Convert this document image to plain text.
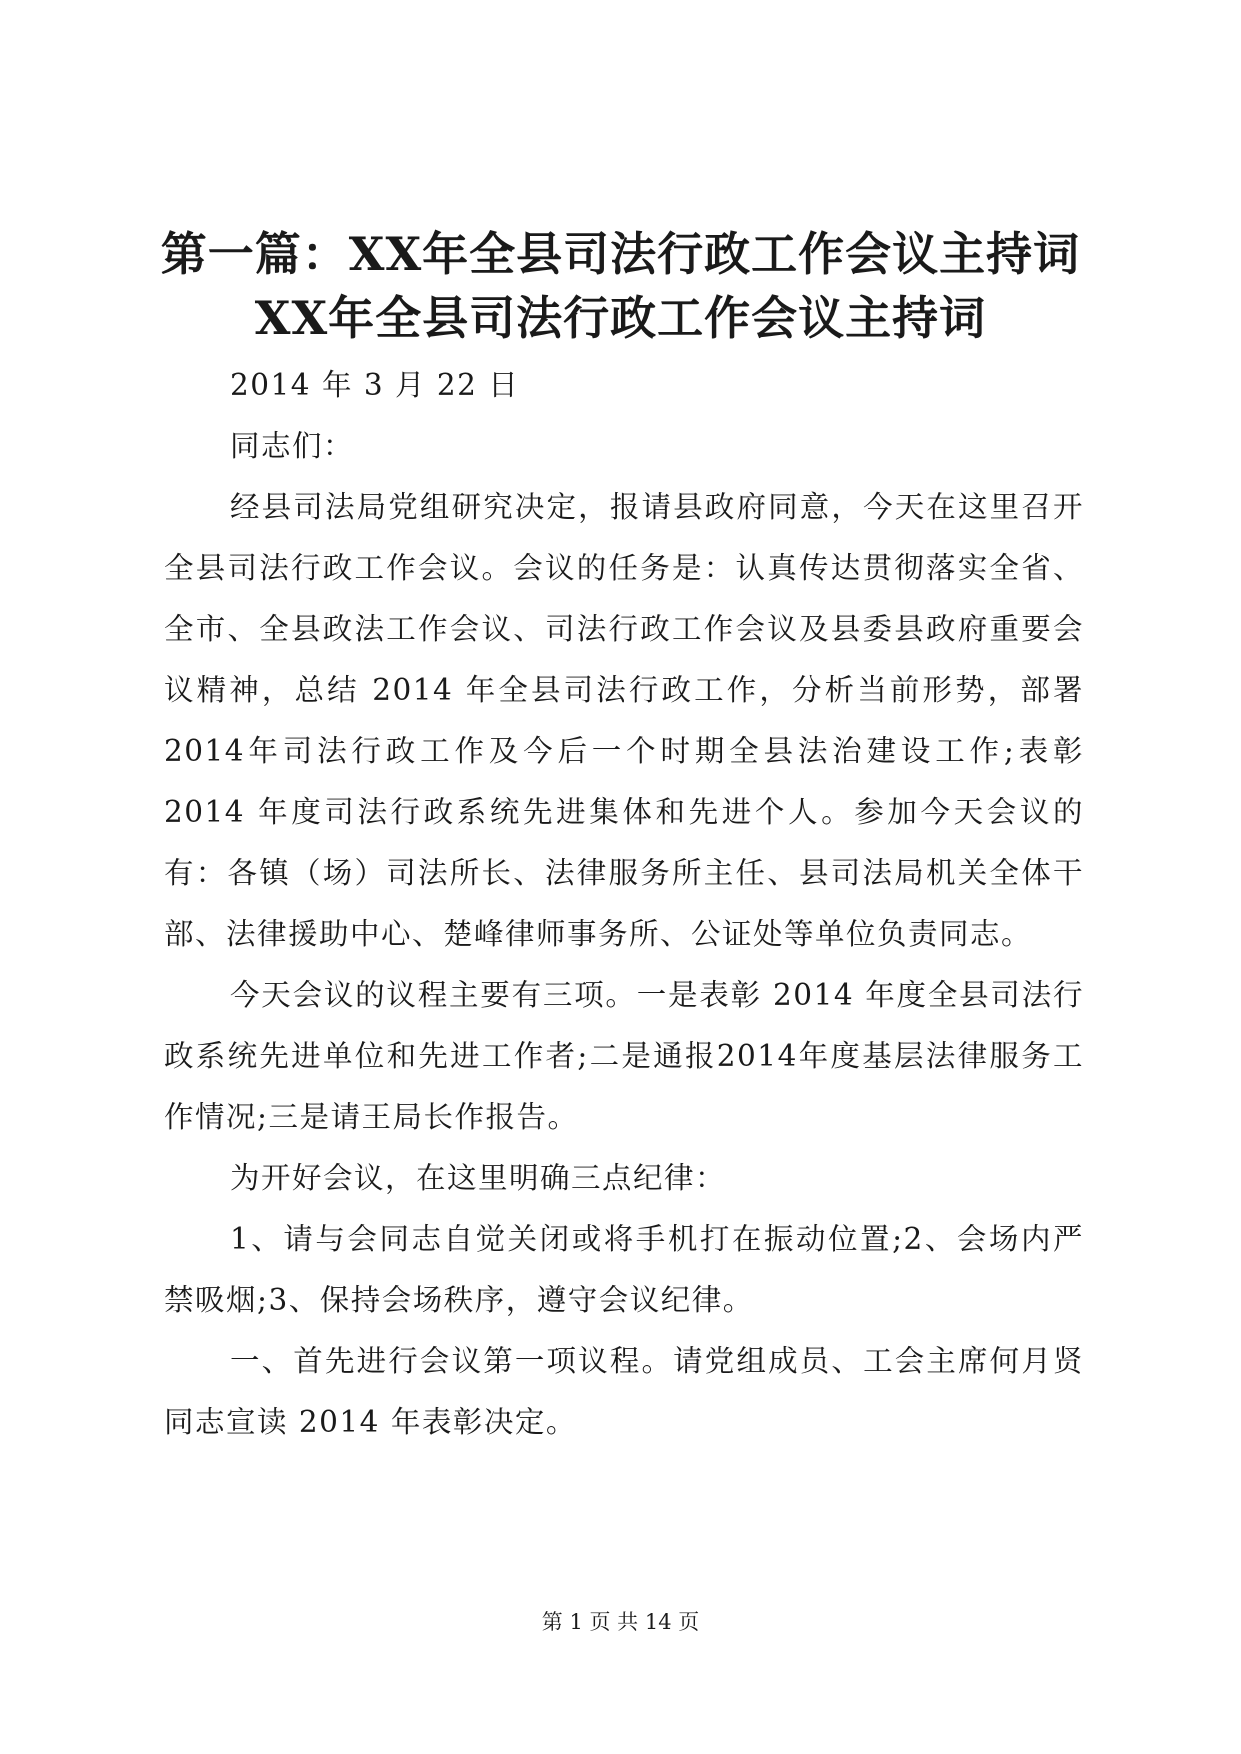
第一篇：XX年全县司法行政工作会议主持词
XX年全县司法行政工作会议主持词

2014 年 3 月 22 日

同志们：

经县司法局党组研究决定，报请县政府同意，今天在这里召开全县司法行政工作会议。会议的任务是：认真传达贯彻落实全省、全市、全县政法工作会议、司法行政工作会议及县委县政府重要会议精神，总结 2014 年全县司法行政工作，分析当前形势，部署2014年司法行政工作及今后一个时期全县法治建设工作;表彰 2014 年度司法行政系统先进集体和先进个人。参加今天会议的有：各镇（场）司法所长、法律服务所主任、县司法局机关全体干部、法律援助中心、楚峰律师事务所、公证处等单位负责同志。

今天会议的议程主要有三项。一是表彰 2014 年度全县司法行政系统先进单位和先进工作者;二是通报2014年度基层法律服务工作情况;三是请王局长作报告。

为开好会议，在这里明确三点纪律：

1、请与会同志自觉关闭或将手机打在振动位置;2、会场内严禁吸烟;3、保持会场秩序，遵守会议纪律。

一、首先进行会议第一项议程。请党组成员、工会主席何月贤同志宣读 2014 年表彰决定。

第 1 页 共 14 页
